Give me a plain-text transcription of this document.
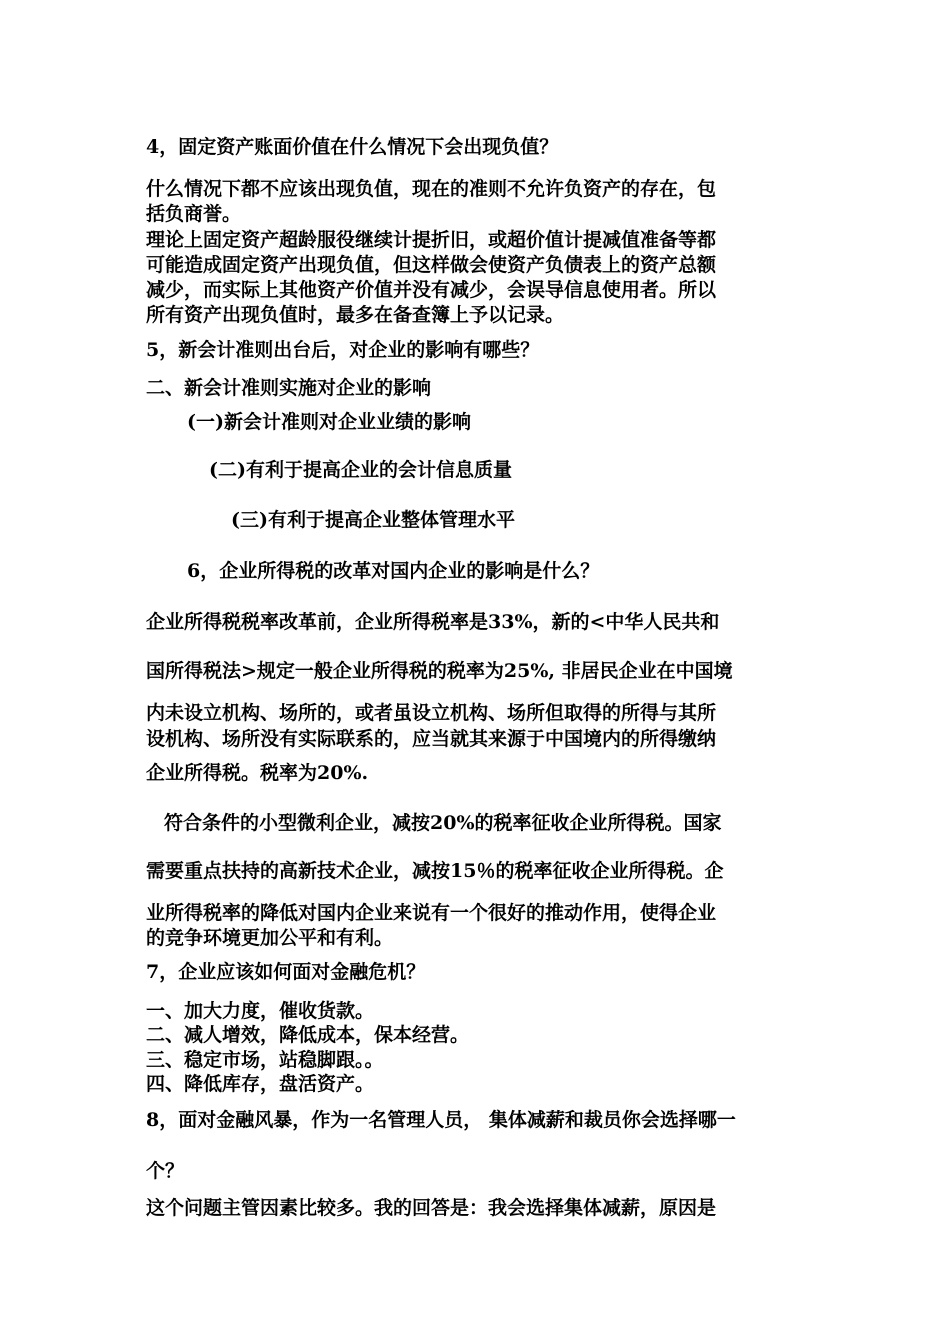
4，固定资产账面价值在什么情况下会出现负值？
什么情况下都不应该出现负值，现在的准则不允许负资产的存在，包
括负商誉。
理论上固定资产超龄服役继续计提折旧，或超价值计提减值准备等都
可能造成固定资产出现负值，但这样做会使资产负债表上的资产总额
减少，而实际上其他资产价值并没有减少，会误导信息使用者。所以
所有资产出现负值时，最多在备查簿上予以记录。
5，新会计准则出台后，对企业的影响有哪些？
二、新会计准则实施对企业的影响
(一)新会计准则对企业业绩的影响
(二)有利于提高企业的会计信息质量
(三)有利于提高企业整体管理水平
6，企业所得税的改革对国内企业的影响是什么？
企业所得税税率改革前，企业所得税率是33%，新的<中华人民共和
国所得税法>规定一般企业所得税的税率为25%, 非居民企业在中国境
内未设立机构、场所的，或者虽设立机构、场所但取得的所得与其所
设机构、场所没有实际联系的，应当就其来源于中国境内的所得缴纳
企业所得税。税率为20%.
符合条件的小型微利企业，减按20%的税率征收企业所得税。国家
需要重点扶持的高新技术企业，减按15％的税率征收企业所得税。企
业所得税率的降低对国内企业来说有一个很好的推动作用，使得企业
的竞争环境更加公平和有利。
7，企业应该如何面对金融危机？
一、加大力度，催收货款。
二、减人增效，降低成本，保本经营。
三、稳定市场，站稳脚跟。。
四、降低库存，盘活资产。
8，面对金融风暴，作为一名管理人员， 集体减薪和裁员你会选择哪一
个？
这个问题主管因素比较多。我的回答是：我会选择集体减薪，原因是
